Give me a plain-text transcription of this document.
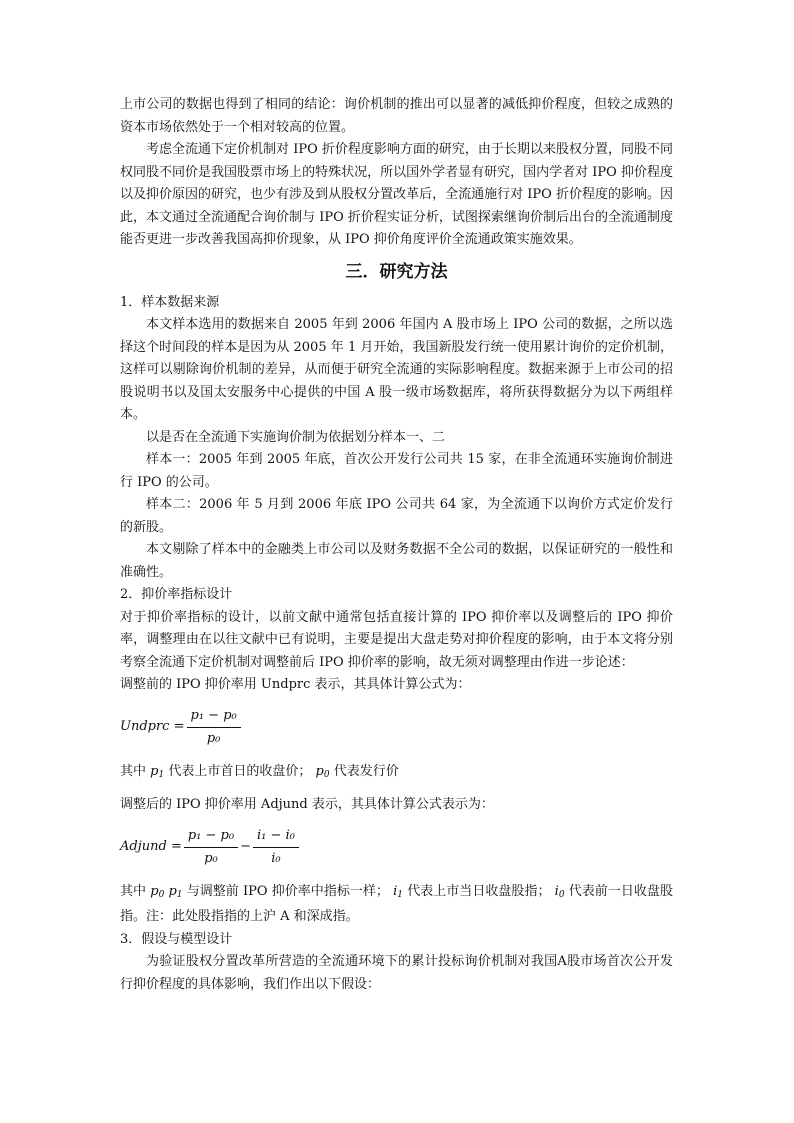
上市公司的数据也得到了相同的结论：询价机制的推出可以显著的减低抑价程度，但较之成熟的资本市场依然处于一个相对较高的位置。

考虑全流通下定价机制对 IPO 折价程度影响方面的研究，由于长期以来股权分置，同股不同权同股不同价是我国股票市场上的特殊状况，所以国外学者显有研究，国内学者对 IPO 抑价程度以及抑价原因的研究，也少有涉及到从股权分置改革后，全流通施行对 IPO 折价程度的影响。因此，本文通过全流通配合询价制与 IPO 折价程实证分析，试图探索继询价制后出台的全流通制度能否更进一步改善我国高抑价现象，从 IPO 抑价角度评价全流通政策实施效果。

三．研究方法

1．样本数据来源

本文样本选用的数据来自 2005 年到 2006 年国内 A 股市场上 IPO 公司的数据，之所以选择这个时间段的样本是因为从 2005 年 1 月开始，我国新股发行统一使用累计询价的定价机制，这样可以剔除询价机制的差异，从而便于研究全流通的实际影响程度。数据来源于上市公司的招股说明书以及国太安服务中心提供的中国 A 股一级市场数据库，将所获得数据分为以下两组样本。

以是否在全流通下实施询价制为依据划分样本一、二

样本一：2005 年到 2005 年底，首次公开发行公司共 15 家，在非全流通环实施询价制进行 IPO 的公司。

样本二：2006 年 5 月到 2006 年底 IPO 公司共 64 家，为全流通下以询价方式定价发行的新股。

本文剔除了样本中的金融类上市公司以及财务数据不全公司的数据，以保证研究的一般性和准确性。

2．抑价率指标设计

对于抑价率指标的设计，以前文献中通常包括直接计算的 IPO 抑价率以及调整后的 IPO 抑价率，调整理由在以往文献中已有说明，主要是提出大盘走势对抑价程度的影响，由于本文将分别考察全流通下定价机制对调整前后 IPO 抑价率的影响，故无须对调整理由作进一步论述：

调整前的 IPO 抑价率用 Undprc 表示，其具体计算公式为：

Undprc = $\frac{\text{p₁ − p₀}}{\text{p₀}}$

其中 $p_1$ 代表上市首日的收盘价； $p_0$ 代表发行价

调整后的 IPO 抑价率用 Adjund 表示，其具体计算公式表示为：

Adjund = $\frac{\text{p₁ − p₀}}{\text{p₀}} - \frac{\text{i₁ − i₀}}{\text{i₀}}$

其中 $p_0$ $p_1$ 与调整前 IPO 抑价率中指标一样； $i_1$ 代表上市当日收盘股指； $i_0$ 代表前一日收盘股指。注：此处股指指的上沪 A 和深成指。

3．假设与模型设计

为验证股权分置改革所营造的全流通环境下的累计投标询价机制对我国A股市场首次公开发行抑价程度的具体影响，我们作出以下假设：
